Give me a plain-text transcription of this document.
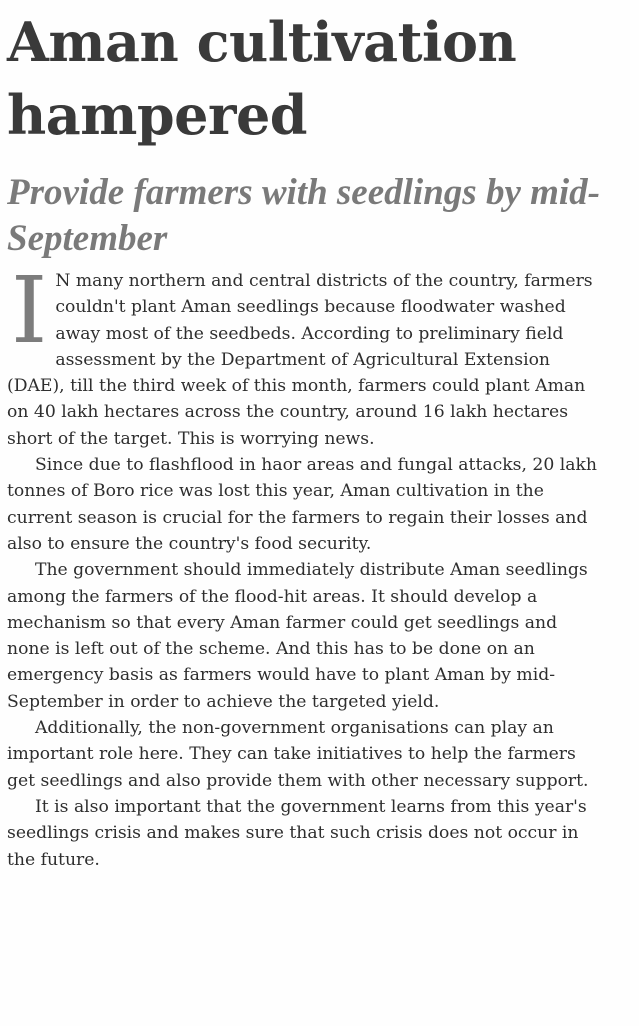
Aman cultivation hampered
Provide farmers with seedlings by mid-September

I N many northern and central districts of the country, farmers couldn't plant Aman seedlings because floodwater washed away most of the seedbeds. According to preliminary field assessment by the Department of Agricultural Extension (DAE), till the third week of this month, farmers could plant Aman on 40 lakh hectares across the country, around 16 lakh hectares short of the target. This is worrying news.

Since due to flashflood in haor areas and fungal attacks, 20 lakh tonnes of Boro rice was lost this year, Aman cultivation in the current season is crucial for the farmers to regain their losses and also to ensure the country's food security.

The government should immediately distribute Aman seedlings among the farmers of the flood-hit areas. It should develop a mechanism so that every Aman farmer could get seedlings and none is left out of the scheme. And this has to be done on an emergency basis as farmers would have to plant Aman by mid-September in order to achieve the targeted yield.

Additionally, the non-government organisations can play an important role here. They can take initiatives to help the farmers get seedlings and also provide them with other necessary support.

It is also important that the government learns from this year's seedlings crisis and makes sure that such crisis does not occur in the future.
